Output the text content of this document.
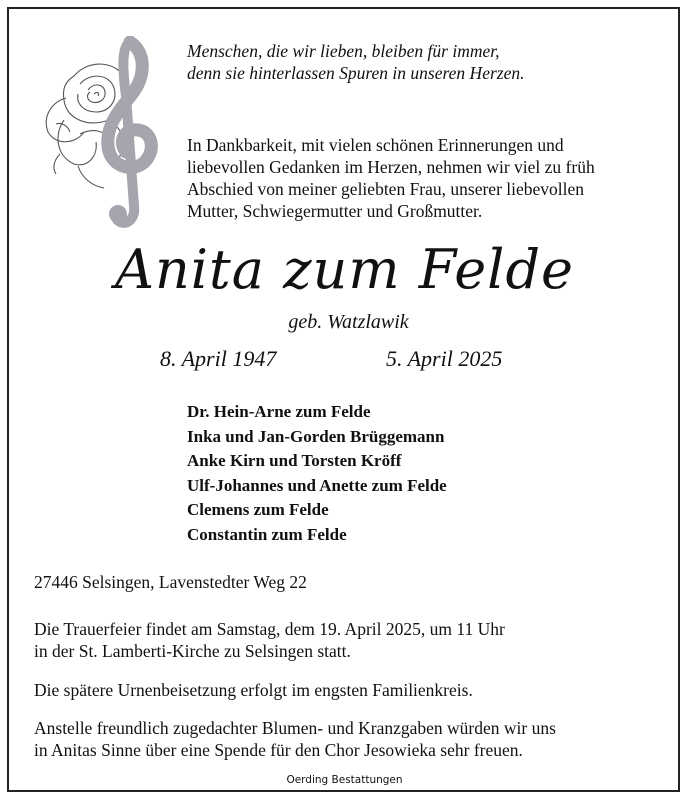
Menschen, die wir lieben, bleiben für immer,
denn sie hinterlassen Spuren in unseren Herzen.
In Dankbarkeit, mit vielen schönen Erinnerungen und
liebevollen Gedanken im Herzen, nehmen wir viel zu früh
Abschied von meiner geliebten Frau, unserer liebevollen
Mutter, Schwiegermutter und Großmutter.
Anita zum Felde
geb. Watzlawik
8. April 1947	5. April 2025
Dr. Hein-Arne zum Felde
Inka und Jan-Gorden Brüggemann
Anke Kirn und Torsten Kröff
Ulf-Johannes und Anette zum Felde
Clemens zum Felde
Constantin zum Felde
27446 Selsingen, Lavenstedter Weg 22
Die Trauerfeier findet am Samstag, dem 19. April 2025, um 11 Uhr
in der St. Lamberti-Kirche zu Selsingen statt.
Die spätere Urnenbeisetzung erfolgt im engsten Familienkreis.
Anstelle freundlich zugedachter Blumen- und Kranzgaben würden wir uns
in Anitas Sinne über eine Spende für den Chor Jesowieka sehr freuen.
Oerding Bestattungen
